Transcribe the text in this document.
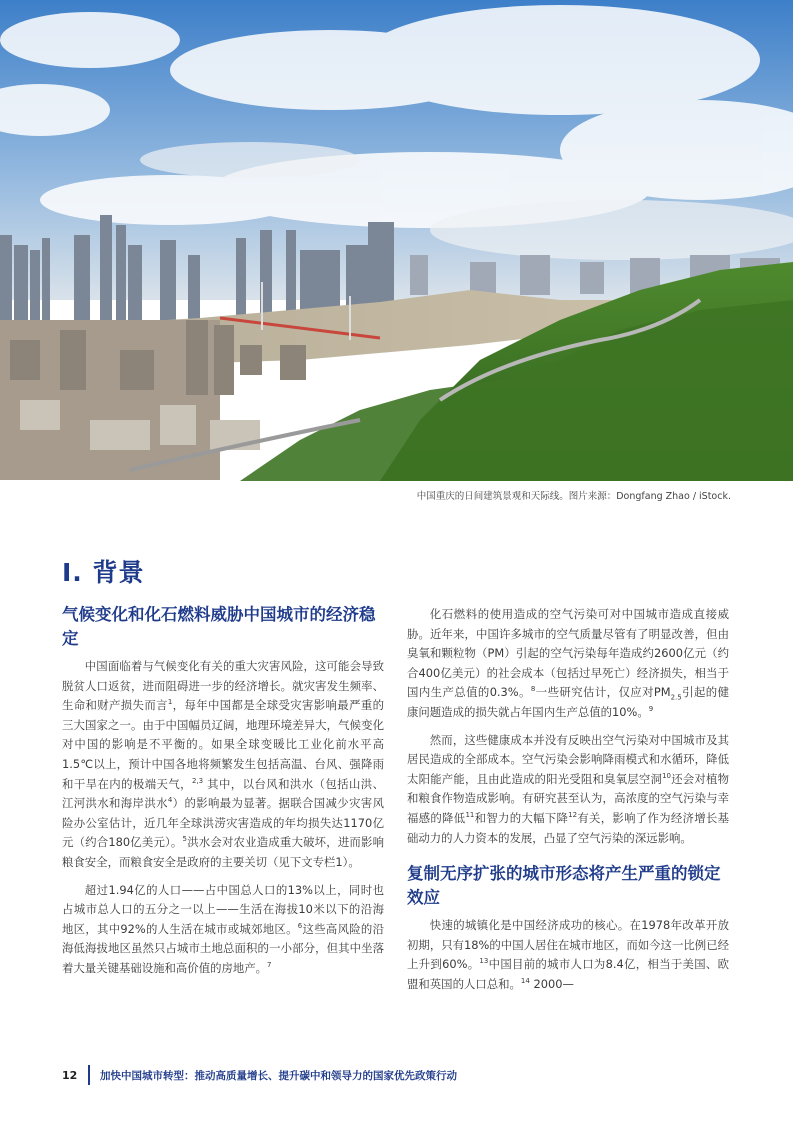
中国重庆的日间建筑景观和天际线。图片来源：Dongfang Zhao / iStock.
I. 背景
气候变化和化石燃料威胁中国城市的经济稳定

中国面临着与气候变化有关的重大灾害风险，这可能会导致脱贫人口返贫，进而阻碍进一步的经济增长。就灾害发生频率、生命和财产损失而言$^1$，每年中国都是全球受灾害影响最严重的三大国家之一。由于中国幅员辽阔，地理环境差异大，气候变化对中国的影响是不平衡的。如果全球变暖比工业化前水平高1.5℃以上，预计中国各地将频繁发生包括高温、台风、强降雨和干旱在内的极端天气，$^{2,3}$ 其中，以台风和洪水（包括山洪、江河洪水和海岸洪水$^4$）的影响最为显著。据联合国减少灾害风险办公室估计，近几年全球洪涝灾害造成的年均损失达1170亿元（约合180亿美元）。$^5$洪水会对农业造成重大破坏，进而影响粮食安全，而粮食安全是政府的主要关切（见下文专栏1）。

超过1.94亿的人口——占中国总人口的13%以上，同时也占城市总人口的五分之一以上——生活在海拔10米以下的沿海地区，其中92%的人生活在城市或城郊地区。$^6$这些高风险的沿海低海拔地区虽然只占城市土地总面积的一小部分，但其中坐落着大量关键基础设施和高价值的房地产。$^7$

化石燃料的使用造成的空气污染可对中国城市造成直接威胁。近年来，中国许多城市的空气质量尽管有了明显改善，但由臭氧和颗粒物（PM）引起的空气污染每年造成约2600亿元（约合400亿美元）的社会成本（包括过早死亡）经济损失，相当于国内生产总值的0.3%。$^8$一些研究估计，仅应对$PM_{2.5}$引起的健康问题造成的损失就占年国内生产总值的10%。$^9$

然而，这些健康成本并没有反映出空气污染对中国城市及其居民造成的全部成本。空气污染会影响降雨模式和水循环，降低太阳能产能，且由此造成的阳光受阻和臭氧层空洞$^{10}$还会对植物和粮食作物造成影响。有研究甚至认为，高浓度的空气污染与幸福感的降低$^{11}$和智力的大幅下降$^{12}$有关，影响了作为经济增长基础动力的人力资本的发展，凸显了空气污染的深远影响。

复制无序扩张的城市形态将产生严重的锁定效应

快速的城镇化是中国经济成功的核心。在1978年改革开放初期，只有18%的中国人居住在城市地区，而如今这一比例已经上升到60%。$^{13}$中国目前的城市人口为8.4亿，相当于美国、欧盟和英国的人口总和。$^{14}$ 2000—

12	加快中国城市转型：推动高质量增长、提升碳中和领导力的国家优先政策行动
